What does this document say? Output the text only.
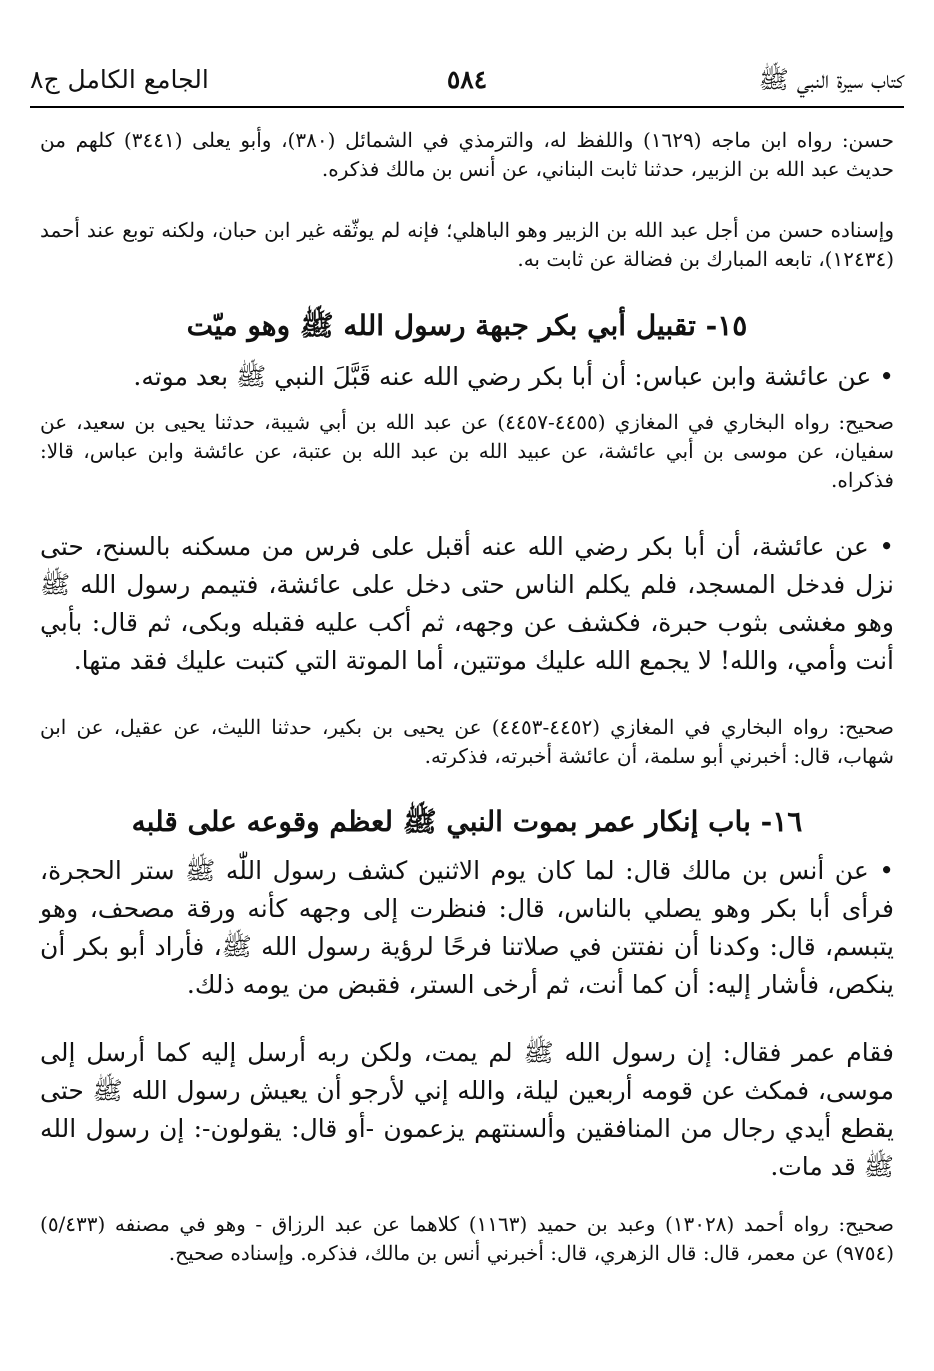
كتاب سيرة النبي ﷺ
٥٨٤
الجامع الكامل ج٨
حسن: رواه ابن ماجه (١٦٢٩) واللفظ له، والترمذي في الشمائل (٣٨٠)، وأبو يعلى (٣٤٤١) كلهم من حديث عبد الله بن الزبير، حدثنا ثابت البناني، عن أنس بن مالك فذكره.
وإسناده حسن من أجل عبد الله بن الزبير وهو الباهلي؛ فإنه لم يوثّقه غير ابن حبان، ولكنه توبع عند أحمد (١٢٤٣٤)، تابعه المبارك بن فضالة عن ثابت به.
١٥- تقبيل أبي بكر جبهة رسول الله ﷺ وهو ميّت
• عن عائشة وابن عباس: أن أبا بكر رضي الله عنه قَبَّلَ النبي ﷺ بعد موته.
صحيح: رواه البخاري في المغازي (٤٤٥٥-٤٤٥٧) عن عبد الله بن أبي شيبة، حدثنا يحيى بن سعيد، عن سفيان، عن موسى بن أبي عائشة، عن عبيد الله بن عبد الله بن عتبة، عن عائشة وابن عباس، قالا: فذكراه.
• عن عائشة، أن أبا بكر رضي الله عنه أقبل على فرس من مسكنه بالسنح، حتى نزل فدخل المسجد، فلم يكلم الناس حتى دخل على عائشة، فتيمم رسول الله ﷺ وهو مغشى بثوب حبرة، فكشف عن وجهه، ثم أكب عليه فقبله وبكى، ثم قال: بأبي أنت وأمي، والله! لا يجمع الله عليك موتتين، أما الموتة التي كتبت عليك فقد متها.
صحيح: رواه البخاري في المغازي (٤٤٥٢-٤٤٥٣) عن يحيى بن بكير، حدثنا الليث، عن عقيل، عن ابن شهاب، قال: أخبرني أبو سلمة، أن عائشة أخبرته، فذكرته.
١٦- باب إنكار عمر بموت النبي ﷺ لعظم وقوعه على قلبه
• عن أنس بن مالك قال: لما كان يوم الاثنين كشف رسول اللّٰه ﷺ ستر الحجرة، فرأى أبا بكر وهو يصلي بالناس، قال: فنظرت إلى وجهه كأنه ورقة مصحف، وهو يتبسم، قال: وكدنا أن نفتتن في صلاتنا فرحًا لرؤية رسول الله ﷺ، فأراد أبو بكر أن ينكص، فأشار إليه: أن كما أنت، ثم أرخى الستر، فقبض من يومه ذلك.
فقام عمر فقال: إن رسول الله ﷺ لم يمت، ولكن ربه أرسل إليه كما أرسل إلى موسى، فمكث عن قومه أربعين ليلة، والله إني لأرجو أن يعيش رسول الله ﷺ حتى يقطع أيدي رجال من المنافقين وألسنتهم يزعمون -أو قال: يقولون-: إن رسول الله ﷺ قد مات.
صحيح: رواه أحمد (١٣٠٢٨) وعبد بن حميد (١١٦٣) كلاهما عن عبد الرزاق - وهو في مصنفه (٥/٤٣٣) (٩٧٥٤) عن معمر، قال: قال الزهري، قال: أخبرني أنس بن مالك، فذكره. وإسناده صحيح.
